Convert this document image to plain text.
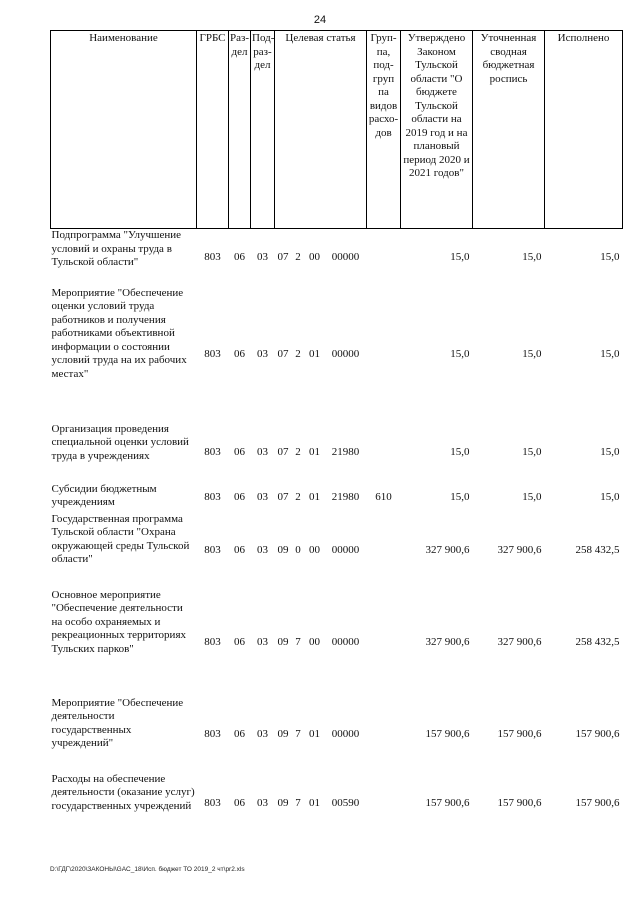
24
Наименование	ГРБС	Раз-дел	Под-раз-дел	Целевая статья				Груп-па, под-груп па видов расхо-дов	Утверждено Законом Тульской области "О бюджете Тульской области на 2019 год и на плановый период 2020 и 2021 годов"	Уточненная сводная бюджетная роспись	Исполнено
Подпрограмма "Улучшение условий и охраны труда в Тульской области"	803	06	03	07	2	00	00000		15,0	15,0	15,0
Мероприятие "Обеспечение оценки условий труда работников и получения работниками объективной информации о состоянии условий труда на их рабочих местах"	803	06	03	07	2	01	00000		15,0	15,0	15,0
Организация проведения специальной оценки условий труда в учреждениях	803	06	03	07	2	01	21980		15,0	15,0	15,0
Субсидии бюджетным учреждениям	803	06	03	07	2	01	21980	610	15,0	15,0	15,0
Государственная программа Тульской области "Охрана окружающей среды Тульской области"	803	06	03	09	0	00	00000		327 900,6	327 900,6	258 432,5
Основное мероприятие "Обеспечение деятельности на особо охраняемых и рекреационных территориях Тульских парков"	803	06	03	09	7	00	00000		327 900,6	327 900,6	258 432,5
Мероприятие "Обеспечение деятельности государственных учреждений"	803	06	03	09	7	01	00000		157 900,6	157 900,6	157 900,6
Расходы на обеспечение деятельности (оказание услуг) государственных учреждений	803	06	03	09	7	01	00590		157 900,6	157 900,6	157 900,6
D:\ГДГ\2020\ЗАКОНЫ\GAC_18\Исп. бюджет ТО 2019_2 чт\pr2.xls
